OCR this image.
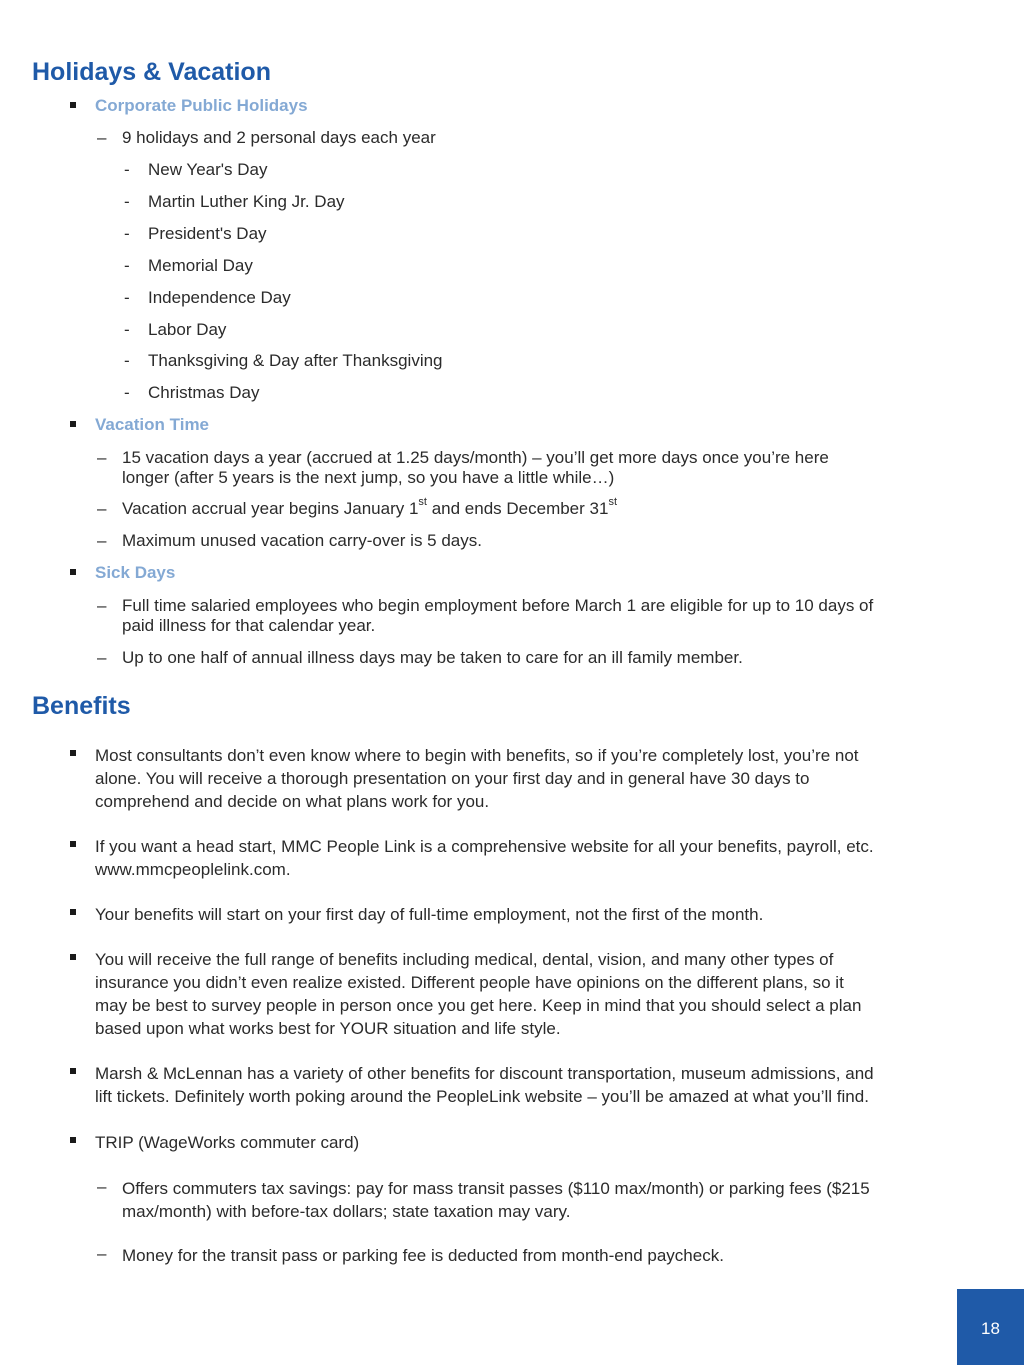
Holidays & Vacation
Corporate Public Holidays
– 9 holidays and 2 personal days each year
- New Year's Day
- Martin Luther King Jr. Day
- President's Day
- Memorial Day
- Independence Day
- Labor Day
- Thanksgiving & Day after Thanksgiving
- Christmas Day
Vacation Time
– 15 vacation days a year (accrued at 1.25 days/month) – you’ll get more days once you’re here
longer (after 5 years is the next jump, so you have a little while…)
– Vacation accrual year begins January 1st and ends December 31st
– Maximum unused vacation carry-over is 5 days.
Sick Days
– Full time salaried employees who begin employment before March 1 are eligible for up to 10 days of
paid illness for that calendar year.
– Up to one half of annual illness days may be taken to care for an ill family member.
Benefits
Most consultants don’t even know where to begin with benefits, so if you’re completely lost, you’re not
alone. You will receive a thorough presentation on your first day and in general have 30 days to
comprehend and decide on what plans work for you.
If you want a head start, MMC People Link is a comprehensive website for all your benefits, payroll, etc.
www.mmcpeoplelink.com.
Your benefits will start on your first day of full-time employment, not the first of the month.
You will receive the full range of benefits including medical, dental, vision, and many other types of
insurance you didn’t even realize existed. Different people have opinions on the different plans, so it
may be best to survey people in person once you get here. Keep in mind that you should select a plan
based upon what works best for YOUR situation and life style.
Marsh & McLennan has a variety of other benefits for discount transportation, museum admissions, and
lift tickets. Definitely worth poking around the PeopleLink website – you’ll be amazed at what you’ll find.
TRIP (WageWorks commuter card)
– Offers commuters tax savings: pay for mass transit passes ($110 max/month) or parking fees ($215
max/month) with before-tax dollars; state taxation may vary.
– Money for the transit pass or parking fee is deducted from month-end paycheck.
18
